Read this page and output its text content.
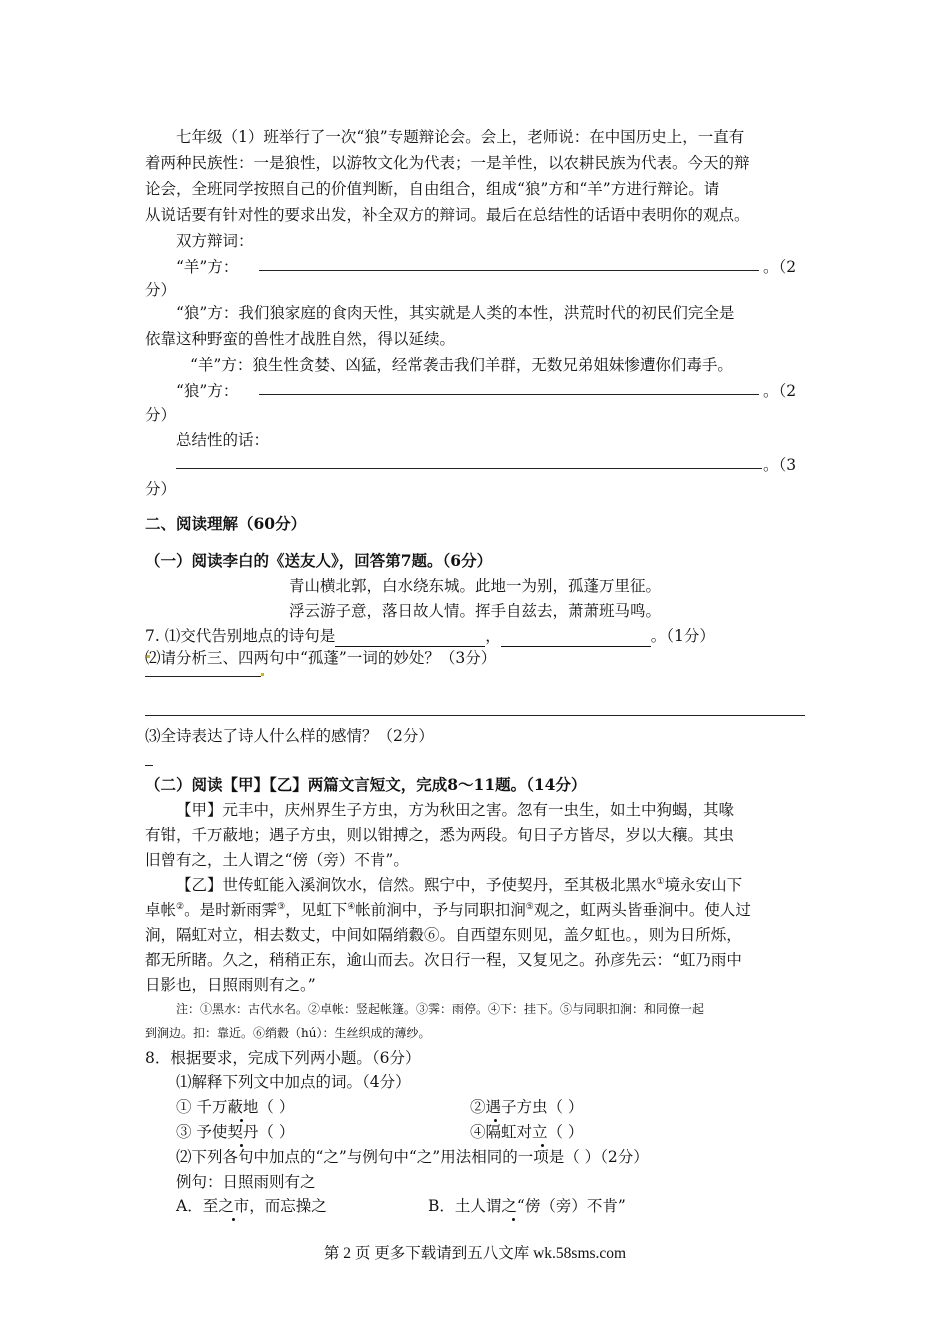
七年级（1）班举行了一次“狼”专题辩论会。会上，老师说：在中国历史上，一直有
着两种民族性：一是狼性，以游牧文化为代表；一是羊性，以农耕民族为代表。今天的辩
论会，全班同学按照自己的价值判断，自由组合，组成“狼”方和“羊”方进行辩论。请
从说话要有针对性的要求出发，补全双方的辩词。最后在总结性的话语中表明你的观点。
双方辩词：
“羊”方：	。（2
分）
“狼”方：我们狼家庭的食肉天性，其实就是人类的本性，洪荒时代的初民们完全是
依靠这种野蛮的兽性才战胜自然，得以延续。
“羊”方：狼生性贪婪、凶猛，经常袭击我们羊群，无数兄弟姐妹惨遭你们毒手。
“狼”方：	。（2
分）
总结性的话：
。（3
分）
二、阅读理解（60分）
（一）阅读李白的《送友人》，回答第7题。（6分）
青山横北郭，白水绕东城。此地一为别，孤蓬万里征。
浮云游子意，落日故人情。挥手自兹去，萧萧班马鸣。
7. ⑴交代告别地点的诗句是	，	。（1分）
⑵请分析三、四两句中“孤蓬”一词的妙处？（3分）
⑶全诗表达了诗人什么样的感情？（2分）
（二）阅读【甲】【乙】两篇文言短文，完成8～11题。（14分）
【甲】元丰中，庆州界生子方虫，方为秋田之害。忽有一虫生，如土中狗蝎，其喙
有钳，千万蔽地；遇子方虫，则以钳搏之，悉为两段。旬日子方皆尽，岁以大穰。其虫
旧曾有之，土人谓之“傍（旁）不肯”。
【乙】世传虹能入溪涧饮水，信然。熙宁中，予使契丹，至其极北黑水①境永安山下
卓帐②。是时新雨霁③，见虹下④帐前涧中，予与同职扣涧⑤观之，虹两头皆垂涧中。使人过
涧，隔虹对立，相去数丈，中间如隔绡縠⑥。自西望东则见，盖夕虹也。，则为日所烁，
都无所睹。久之，稍稍正东，逾山而去。次日行一程，又复见之。孙彦先云：“虹乃雨中
日影也，日照雨则有之。”
注：①黑水：古代水名。②卓帐：竖起帐篷。③霁：雨停。④下：挂下。⑤与同职扣涧：和同僚一起
到涧边。扣：靠近。⑥绡縠（hú）：生丝织成的薄纱。
8．根据要求，完成下列两小题。（6分）
⑴解释下列文中加点的词。（4分）
① 千万蔽地（ ）	②遇子方虫（ ）
③ 予使契丹（ ）	④隔虹对立（ ）
⑵下列各句中加点的“之”与例句中“之”用法相同的一项是（ ）（2分）
例句：日照雨则有之
A．至之市，而忘操之	B．土人谓之“傍（旁）不肯”
第 2 页 更多下载请到五八文库 wk.58sms.com
